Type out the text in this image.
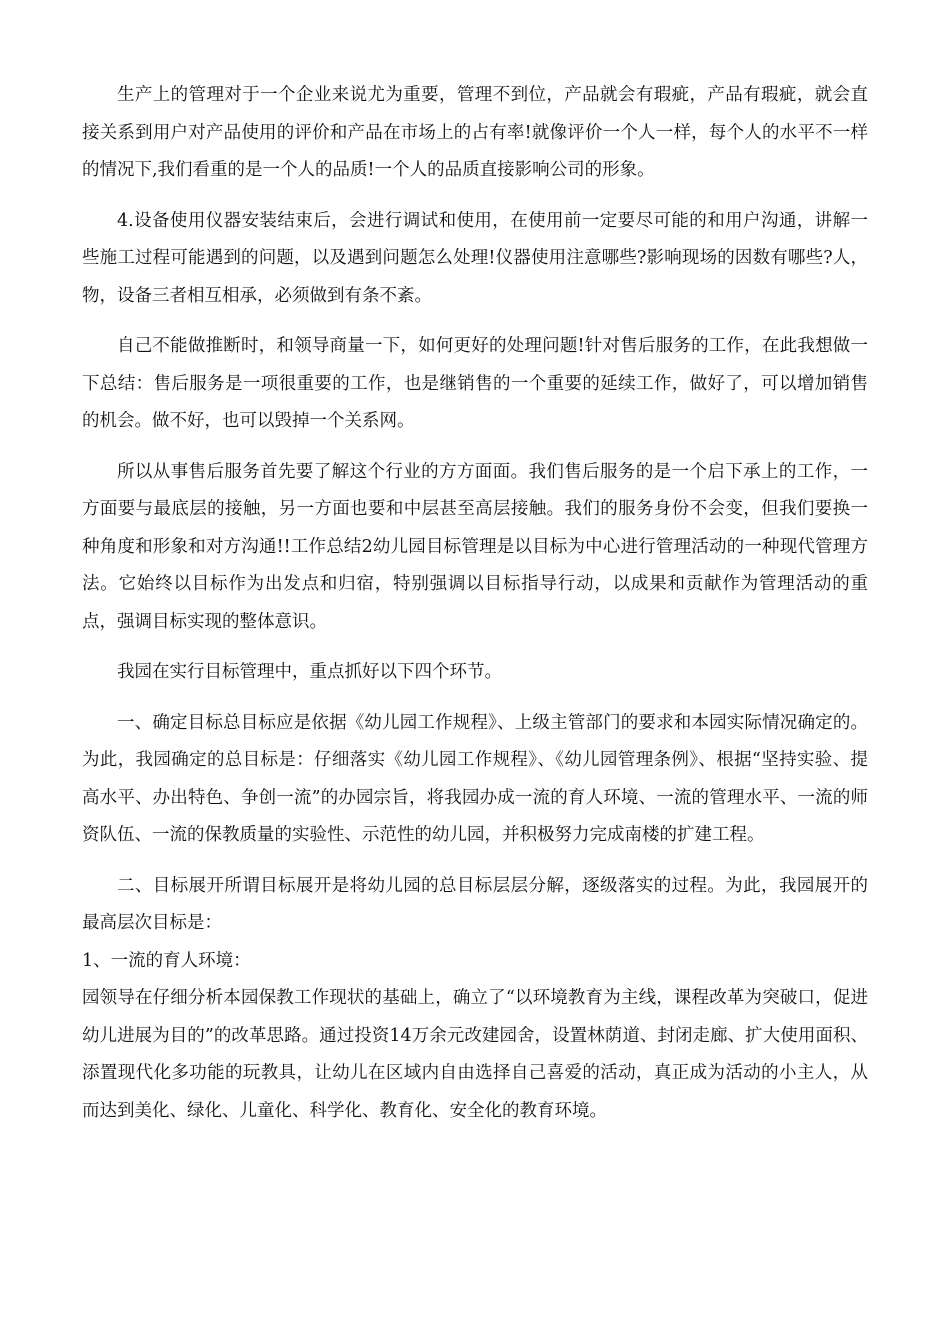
生产上的管理对于一个企业来说尤为重要，管理不到位，产品就会有瑕疵，产品有瑕疵，就会直接关系到用户对产品使用的评价和产品在市场上的占有率!就像评价一个人一样，每个人的水平不一样的情况下,我们看重的是一个人的品质!一个人的品质直接影响公司的形象。

4.设备使用仪器安装结束后，会进行调试和使用，在使用前一定要尽可能的和用户沟通，讲解一些施工过程可能遇到的问题，以及遇到问题怎么处理!仪器使用注意哪些?影响现场的因数有哪些?人，物，设备三者相互相承，必须做到有条不紊。

自己不能做推断时，和领导商量一下，如何更好的处理问题!针对售后服务的工作，在此我想做一下总结：售后服务是一项很重要的工作，也是继销售的一个重要的延续工作，做好了，可以增加销售的机会。做不好，也可以毁掉一个关系网。

所以从事售后服务首先要了解这个行业的方方面面。我们售后服务的是一个启下承上的工作，一方面要与最底层的接触，另一方面也要和中层甚至高层接触。我们的服务身份不会变，但我们要换一种角度和形象和对方沟通!!工作总结2幼儿园目标管理是以目标为中心进行管理活动的一种现代管理方法。它始终以目标作为出发点和归宿，特别强调以目标指导行动，以成果和贡献作为管理活动的重点，强调目标实现的整体意识。

我园在实行目标管理中，重点抓好以下四个环节。

一、确定目标总目标应是依据《幼儿园工作规程》、上级主管部门的要求和本园实际情况确定的。为此，我园确定的总目标是：仔细落实《幼儿园工作规程》、《幼儿园管理条例》、根据“坚持实验、提高水平、办出特色、争创一流”的办园宗旨，将我园办成一流的育人环境、一流的管理水平、一流的师资队伍、一流的保教质量的实验性、示范性的幼儿园，并积极努力完成南楼的扩建工程。

二、目标展开所谓目标展开是将幼儿园的总目标层层分解，逐级落实的过程。为此，我园展开的最高层次目标是：

1、一流的育人环境：

园领导在仔细分析本园保教工作现状的基础上，确立了“以环境教育为主线，课程改革为突破口，促进幼儿进展为目的”的改革思路。通过投资14万余元改建园舍，设置林荫道、封闭走廊、扩大使用面积、添置现代化多功能的玩教具，让幼儿在区域内自由选择自己喜爱的活动，真正成为活动的小主人，从而达到美化、绿化、儿童化、科学化、教育化、安全化的教育环境。
